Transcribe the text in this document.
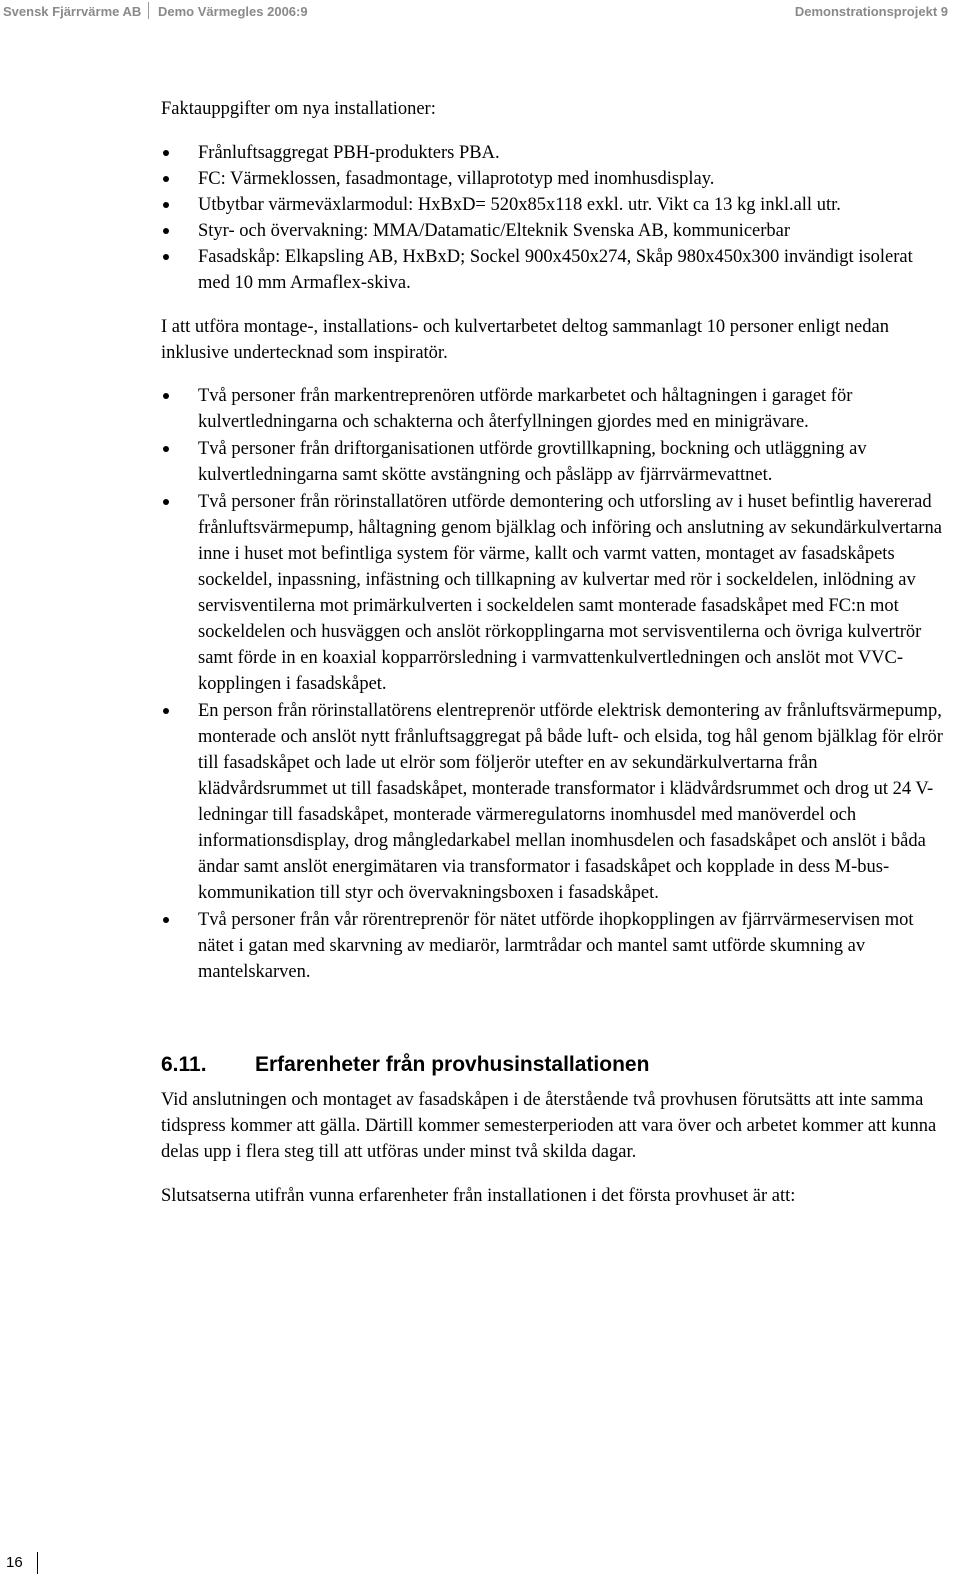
Svensk Fjärrvärme AB Demo Värmegles 2006:9	Demonstrationsprojekt 9

Faktauppgifter om nya installationer:

Frånluftsaggregat PBH-produkters PBA.
FC: Värmeklossen, fasadmontage, villaprototyp med inomhusdisplay.
Utbytbar värmeväxlarmodul: HxBxD= 520x85x118 exkl. utr. Vikt ca 13 kg inkl.all utr.
Styr- och övervakning: MMA/Datamatic/Elteknik Svenska AB, kommunicerbar
Fasadskåp: Elkapsling AB, HxBxD; Sockel 900x450x274, Skåp 980x450x300 invändigt isolerat med 10 mm Armaflex-skiva.

I att utföra montage-, installations- och kulvertarbetet deltog sammanlagt 10 personer enligt nedan inklusive undertecknad som inspiratör.

Två personer från markentreprenören utförde markarbetet och håltagningen i garaget för kulvertledningarna och schakterna och återfyllningen gjordes med en minigrävare.
Två personer från driftorganisationen utförde grovtillkapning, bockning och utläggning av kulvertledningarna samt skötte avstängning och påsläpp av fjärrvärmevattnet.
Två personer från rörinstallatören utförde demontering och utforsling av i huset befintlig havererad frånluftsvärmepump, håltagning genom bjälklag och införing och anslutning av sekundärkulvertarna inne i huset mot befintliga system för värme, kallt och varmt vatten, montaget av fasadskåpets sockeldel, inpassning, infästning och tillkapning av kulvertar med rör i sockeldelen, inlödning av servisventilerna mot primärkulverten i sockeldelen samt monterade fasadskåpet med FC:n mot sockeldelen och husväggen och anslöt rörkopplingarna mot servisventilerna och övriga kulvertrör samt förde in en koaxial kopparrörsledning i varmvattenkulvertledningen och anslöt mot VVC-kopplingen i fasadskåpet.
En person från rörinstallatörens elentreprenör utförde elektrisk demontering av frånluftsvärmepump, monterade och anslöt nytt frånluftsaggregat på både luft- och elsida, tog hål genom bjälklag för elrör till fasadskåpet och lade ut elrör som följerör utefter en av sekundärkulvertarna från klädvårdsrummet ut till fasadskåpet, monterade transformator i klädvårdsrummet och drog ut 24 V-ledningar till fasadskåpet, monterade värmeregulatorns inomhusdel med manöverdel och informationsdisplay, drog mångledarkabel mellan inomhusdelen och fasadskåpet och anslöt i båda ändar samt anslöt energimätaren via transformator i fasadskåpet och kopplade in dess M-bus-kommunikation till styr och övervakningsboxen i fasadskåpet.
Två personer från vår rörentreprenör för nätet utförde ihopkopplingen av fjärrvärmeservisen mot nätet i gatan med skarvning av mediarör, larmtrådar och mantel samt utförde skumning av mantelskarven.
6.11. Erfarenheter från provhusinstallationen

Vid anslutningen och montaget av fasadskåpen i de återstående två provhusen förutsätts att inte samma tidspress kommer att gälla. Därtill kommer semesterperioden att vara över och arbetet kommer att kunna delas upp i flera steg till att utföras under minst två skilda dagar.

Slutsatserna utifrån vunna erfarenheter från installationen i det första provhuset är att:

16
